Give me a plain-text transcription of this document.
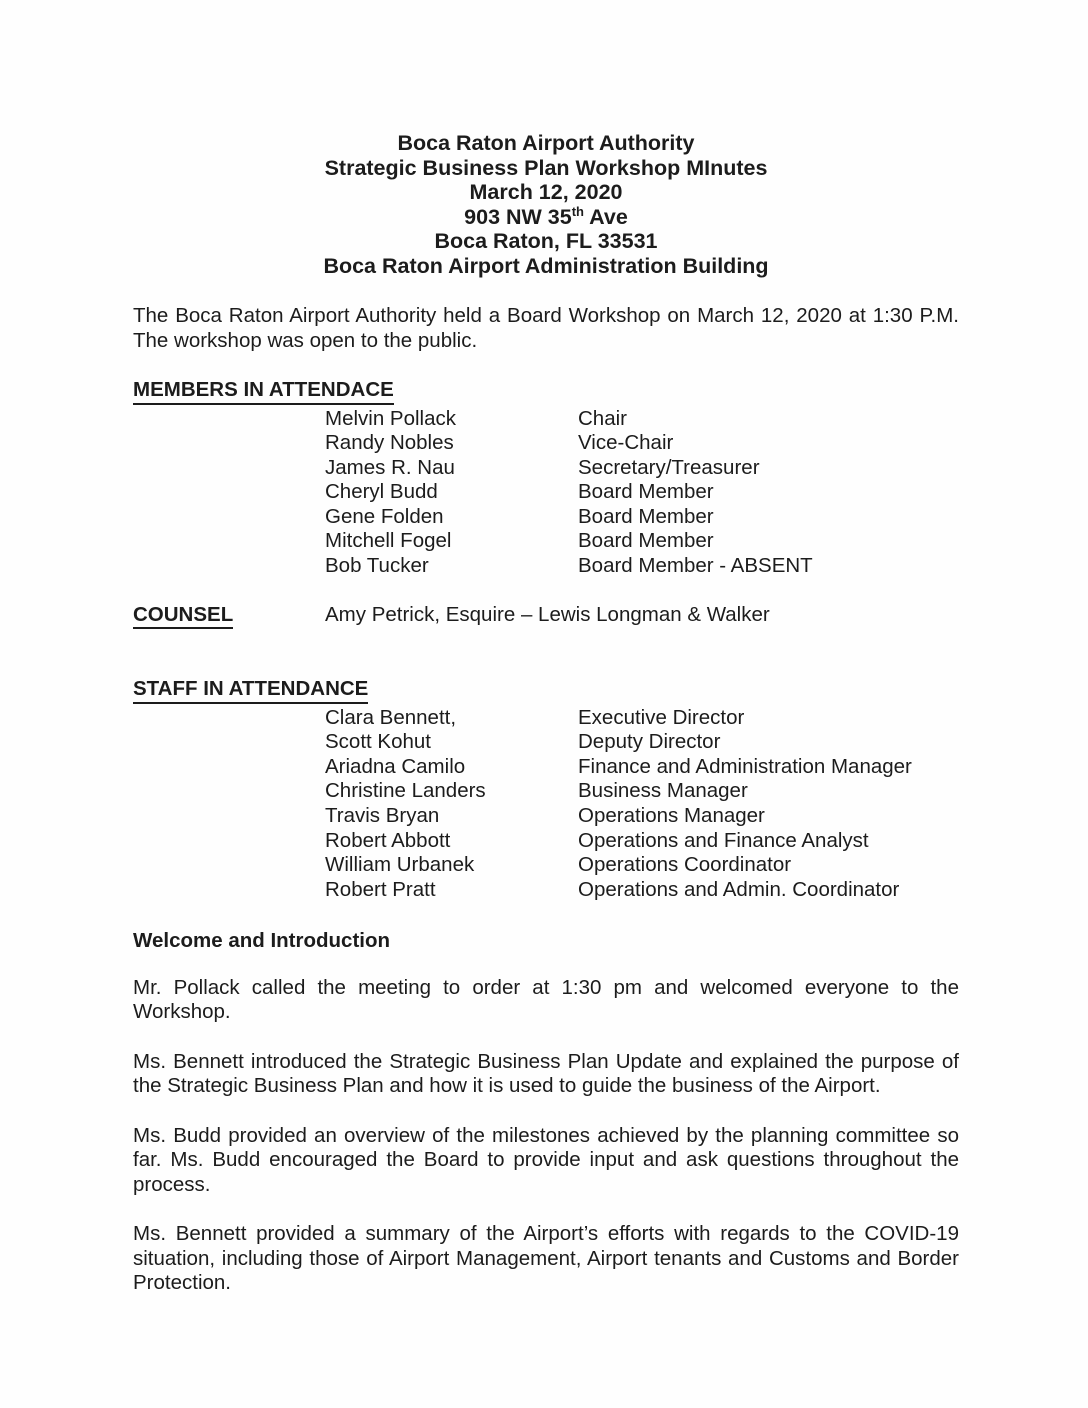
Boca Raton Airport Authority
Strategic Business Plan Workshop MInutes
March 12, 2020
903 NW 35th Ave
Boca Raton, FL 33531
Boca Raton Airport Administration Building

The Boca Raton Airport Authority held a Board Workshop on March 12, 2020 at 1:30 P.M. The workshop was open to the public.

MEMBERS IN ATTENDACE
Melvin Pollack	Chair
Randy Nobles	Vice-Chair
James R. Nau	Secretary/Treasurer
Cheryl Budd	Board Member
Gene Folden	Board Member
Mitchell Fogel	Board Member
Bob Tucker	Board Member - ABSENT
COUNSEL	Amy Petrick, Esquire – Lewis Longman & Walker
STAFF IN ATTENDANCE
Clara Bennett,	Executive Director
Scott Kohut	Deputy Director
Ariadna Camilo	Finance and Administration Manager
Christine Landers	Business Manager
Travis Bryan	Operations Manager
Robert Abbott	Operations and Finance Analyst
William Urbanek	Operations Coordinator
Robert Pratt	Operations and Admin. Coordinator
Welcome and Introduction

Mr. Pollack called the meeting to order at 1:30 pm and welcomed everyone to the Workshop.

Ms. Bennett introduced the Strategic Business Plan Update and explained the purpose of the Strategic Business Plan and how it is used to guide the business of the Airport.

Ms. Budd provided an overview of the milestones achieved by the planning committee so far. Ms. Budd encouraged the Board to provide input and ask questions throughout the process.

Ms. Bennett provided a summary of the Airport’s efforts with regards to the COVID-19 situation, including those of Airport Management, Airport tenants and Customs and Border Protection.
